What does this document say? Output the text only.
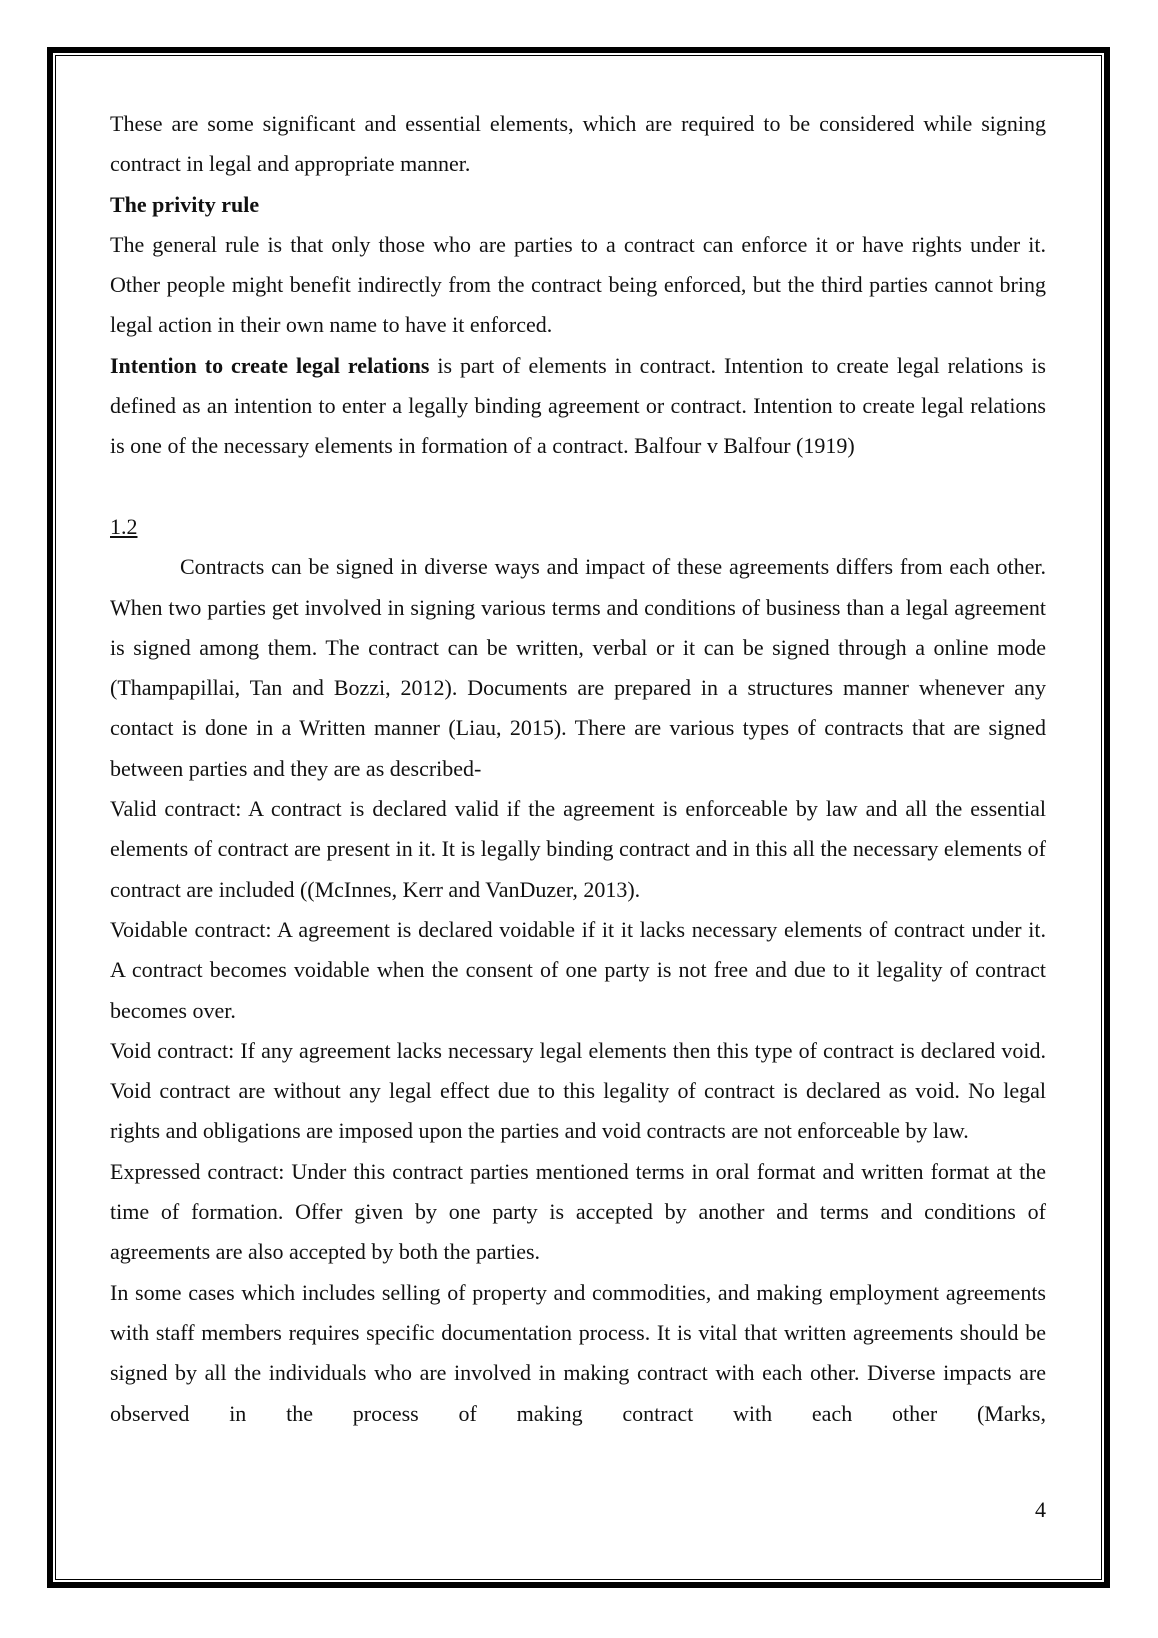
These are some significant and essential elements, which are required to be considered while signing contract in legal and appropriate manner.

The privity rule

The general rule is that only those who are parties to a contract can enforce it or have rights under it. Other people might benefit indirectly from the contract being enforced, but the third parties cannot bring legal action in their own name to have it enforced.

Intention to create legal relations is part of elements in contract. Intention to create legal relations is defined as an intention to enter a legally binding agreement or contract. Intention to create legal relations is one of the necessary elements in formation of a contract. Balfour v Balfour (1919)

1.2

Contracts can be signed in diverse ways and impact of these agreements differs from each other. When two parties get involved in signing various terms and conditions of business than a legal agreement is signed among them. The contract can be written, verbal or it can be signed through a online mode (Thampapillai, Tan and Bozzi, 2012). Documents are prepared in a structures manner whenever any contact is done in a Written manner (Liau, 2015). There are various types of contracts that are signed between parties and they are as described-

Valid contract: A contract is declared valid if the agreement is enforceable by law and all the essential elements of contract are present in it. It is legally binding contract and in this all the necessary elements of contract are included ((McInnes, Kerr and VanDuzer, 2013).

Voidable contract: A agreement is declared voidable if it it lacks necessary elements of contract under it. A contract becomes voidable when the consent of one party is not free and due to it legality of contract becomes over.

Void contract: If any agreement lacks necessary legal elements then this type of contract is declared void. Void contract are without any legal effect due to this legality of contract is declared as void. No legal rights and obligations are imposed upon the parties and void contracts are not enforceable by law.

Expressed contract: Under this contract parties mentioned terms in oral format and written format at the time of formation. Offer given by one party is accepted by another and terms and conditions of agreements are also accepted by both the parties.

In some cases which includes selling of property and commodities, and making employment agreements with staff members requires specific documentation process. It is vital that written agreements should be signed by all the individuals who are involved in making contract with each other. Diverse impacts are observed in the process of making contract with each other (Marks,

4
